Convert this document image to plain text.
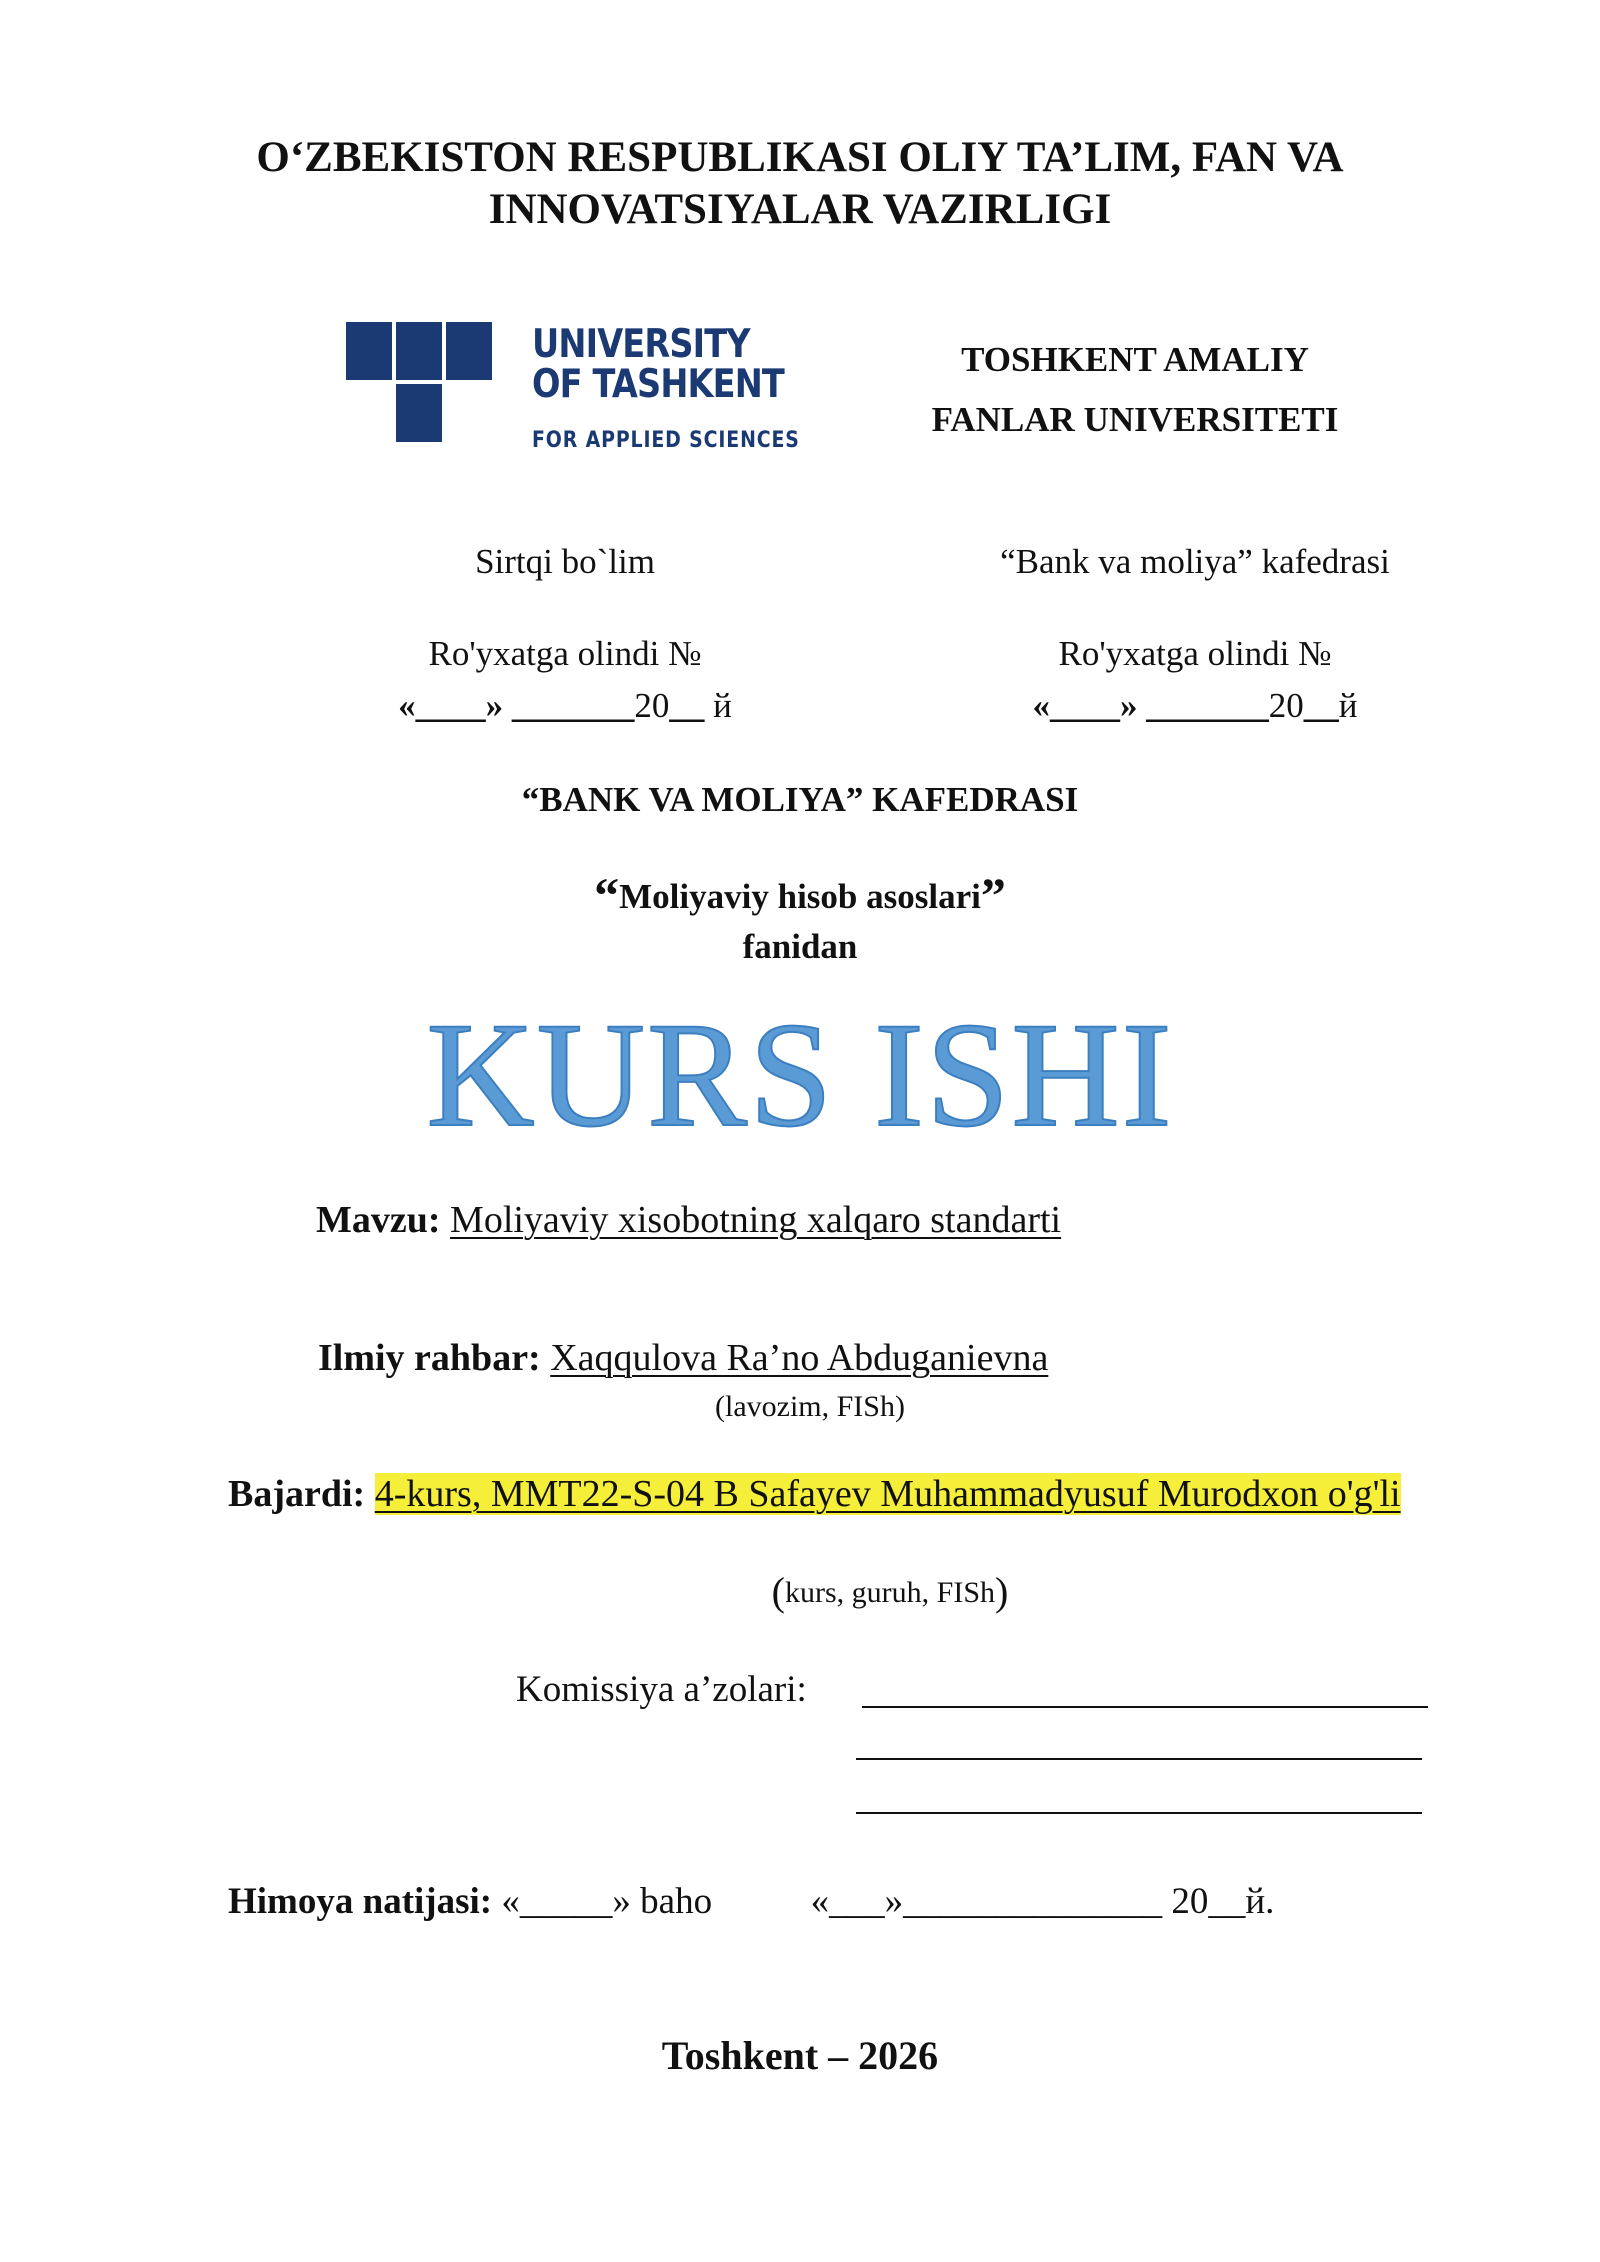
O‘ZBEKISTON RESPUBLIKASI OLIY TA’LIM, FAN VA
INNOVATSIYALAR VAZIRLIGI
UNIVERSITY
OF TASHKENT
FOR APPLIED SCIENCES
TOSHKENT AMALIY
FANLAR UNIVERSITETI
Sirtqi bo`lim
Ro'yxatga olindi №
«____» _______20__ й
“Bank va moliya” kafedrasi
Ro'yxatga olindi №
«____» _______20__й
“BANK VA MOLIYA” KAFEDRASI
“Moliyaviy hisob asoslari”
fanidan
KURS ISHI
Mavzu: Moliyaviy xisobotning xalqaro standarti
Ilmiy rahbar: Xaqqulova Ra’no Abduganievna
(lavozim, FISh)
Bajardi: 4-kurs, MMT22-S-04 B Safayev Muhammadyusuf Murodxon o'g'li
(kurs, guruh, FISh)
Komissiya a’zolari:
Himoya natijasi: «_____» baho	«___»______________ 20__й.
Toshkent – 2026
